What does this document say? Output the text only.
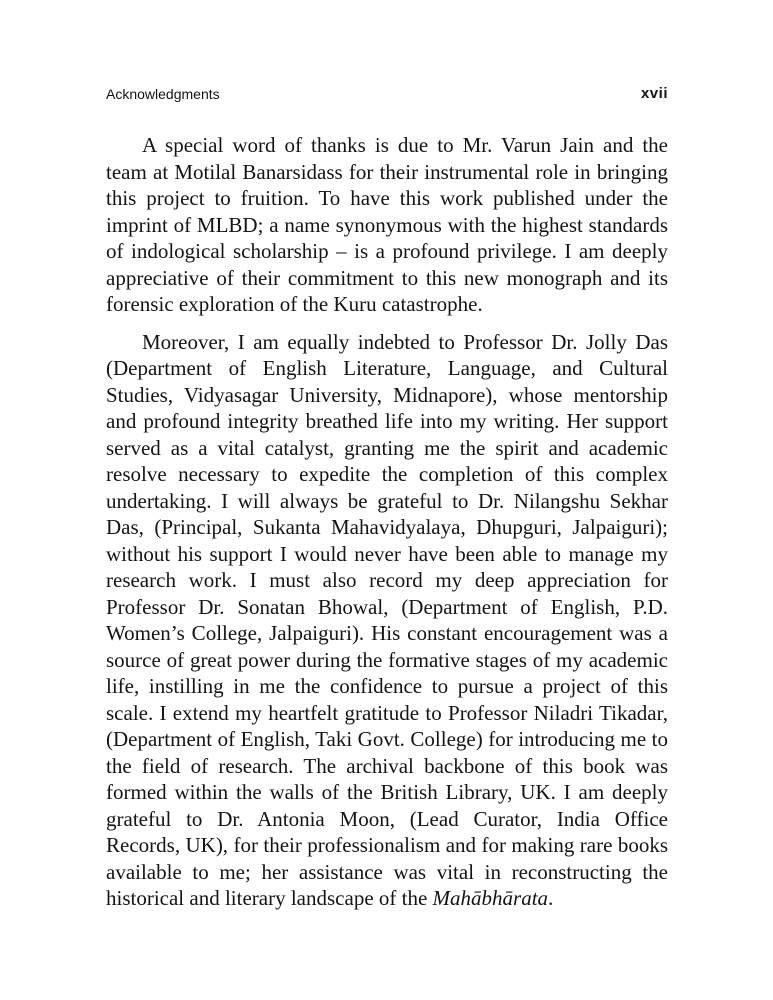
Acknowledgments	xvii

A special word of thanks is due to Mr. Varun Jain and the team at Motilal Banarsidass for their instrumental role in bringing this project to fruition. To have this work published under the imprint of MLBD; a name synonymous with the highest standards of indological scholarship – is a profound privilege. I am deeply appreciative of their commitment to this new monograph and its forensic exploration of the Kuru catastrophe.

Moreover, I am equally indebted to Professor Dr. Jolly Das (Department of English Literature, Language, and Cultural Studies, Vidyasagar University, Midnapore), whose mentorship and profound integrity breathed life into my writing. Her support served as a vital catalyst, granting me the spirit and academic resolve necessary to expedite the completion of this complex undertaking. I will always be grateful to Dr. Nilangshu Sekhar Das, (Principal, Sukanta Mahavidyalaya, Dhupguri, Jalpaiguri); without his support I would never have been able to manage my research work. I must also record my deep appreciation for Professor Dr. Sonatan Bhowal, (Department of English, P.D. Women’s College, Jalpaiguri). His constant encouragement was a source of great power during the formative stages of my academic life, instilling in me the confidence to pursue a project of this scale. I extend my heartfelt gratitude to Professor Niladri Tikadar, (Department of English, Taki Govt. College) for introducing me to the field of research. The archival backbone of this book was formed within the walls of the British Library, UK. I am deeply grateful to Dr. Antonia Moon, (Lead Curator, India Office Records, UK), for their professionalism and for making rare books available to me; her assistance was vital in reconstructing the historical and literary landscape of the Mahābhārata.
